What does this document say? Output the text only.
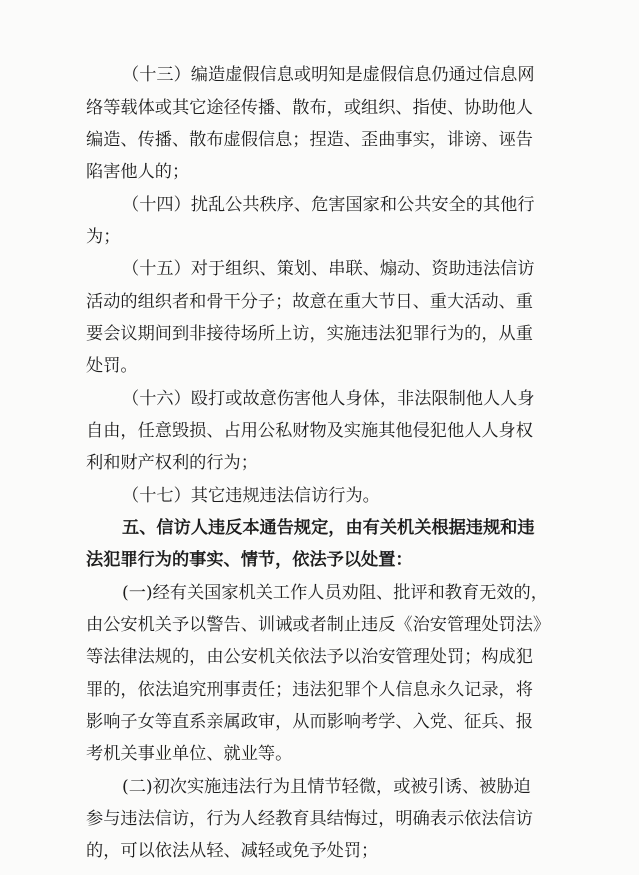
（十三）编造虚假信息或明知是虚假信息仍通过信息网
络等载体或其它途径传播、散布，或组织、指使、协助他人
编造、传播、散布虚假信息；捏造、歪曲事实，诽谤、诬告
陷害他人的；
（十四）扰乱公共秩序、危害国家和公共安全的其他行
为；
（十五）对于组织、策划、串联、煽动、资助违法信访
活动的组织者和骨干分子；故意在重大节日、重大活动、重
要会议期间到非接待场所上访，实施违法犯罪行为的，从重
处罚。
（十六）殴打或故意伤害他人身体，非法限制他人人身
自由，任意毁损、占用公私财物及实施其他侵犯他人人身权
利和财产权利的行为；
（十七）其它违规违法信访行为。
五、信访人违反本通告规定，由有关机关根据违规和违
法犯罪行为的事实、情节，依法予以处置：
(一)经有关国家机关工作人员劝阻、批评和教育无效的，
由公安机关予以警告、训诫或者制止违反《治安管理处罚法》
等法律法规的，由公安机关依法予以治安管理处罚；构成犯
罪的，依法追究刑事责任；违法犯罪个人信息永久记录，将
影响子女等直系亲属政审，从而影响考学、入党、征兵、报
考机关事业单位、就业等。
(二)初次实施违法行为且情节轻微，或被引诱、被胁迫
参与违法信访，行为人经教育具结悔过，明确表示依法信访
的，可以依法从轻、减轻或免予处罚；
